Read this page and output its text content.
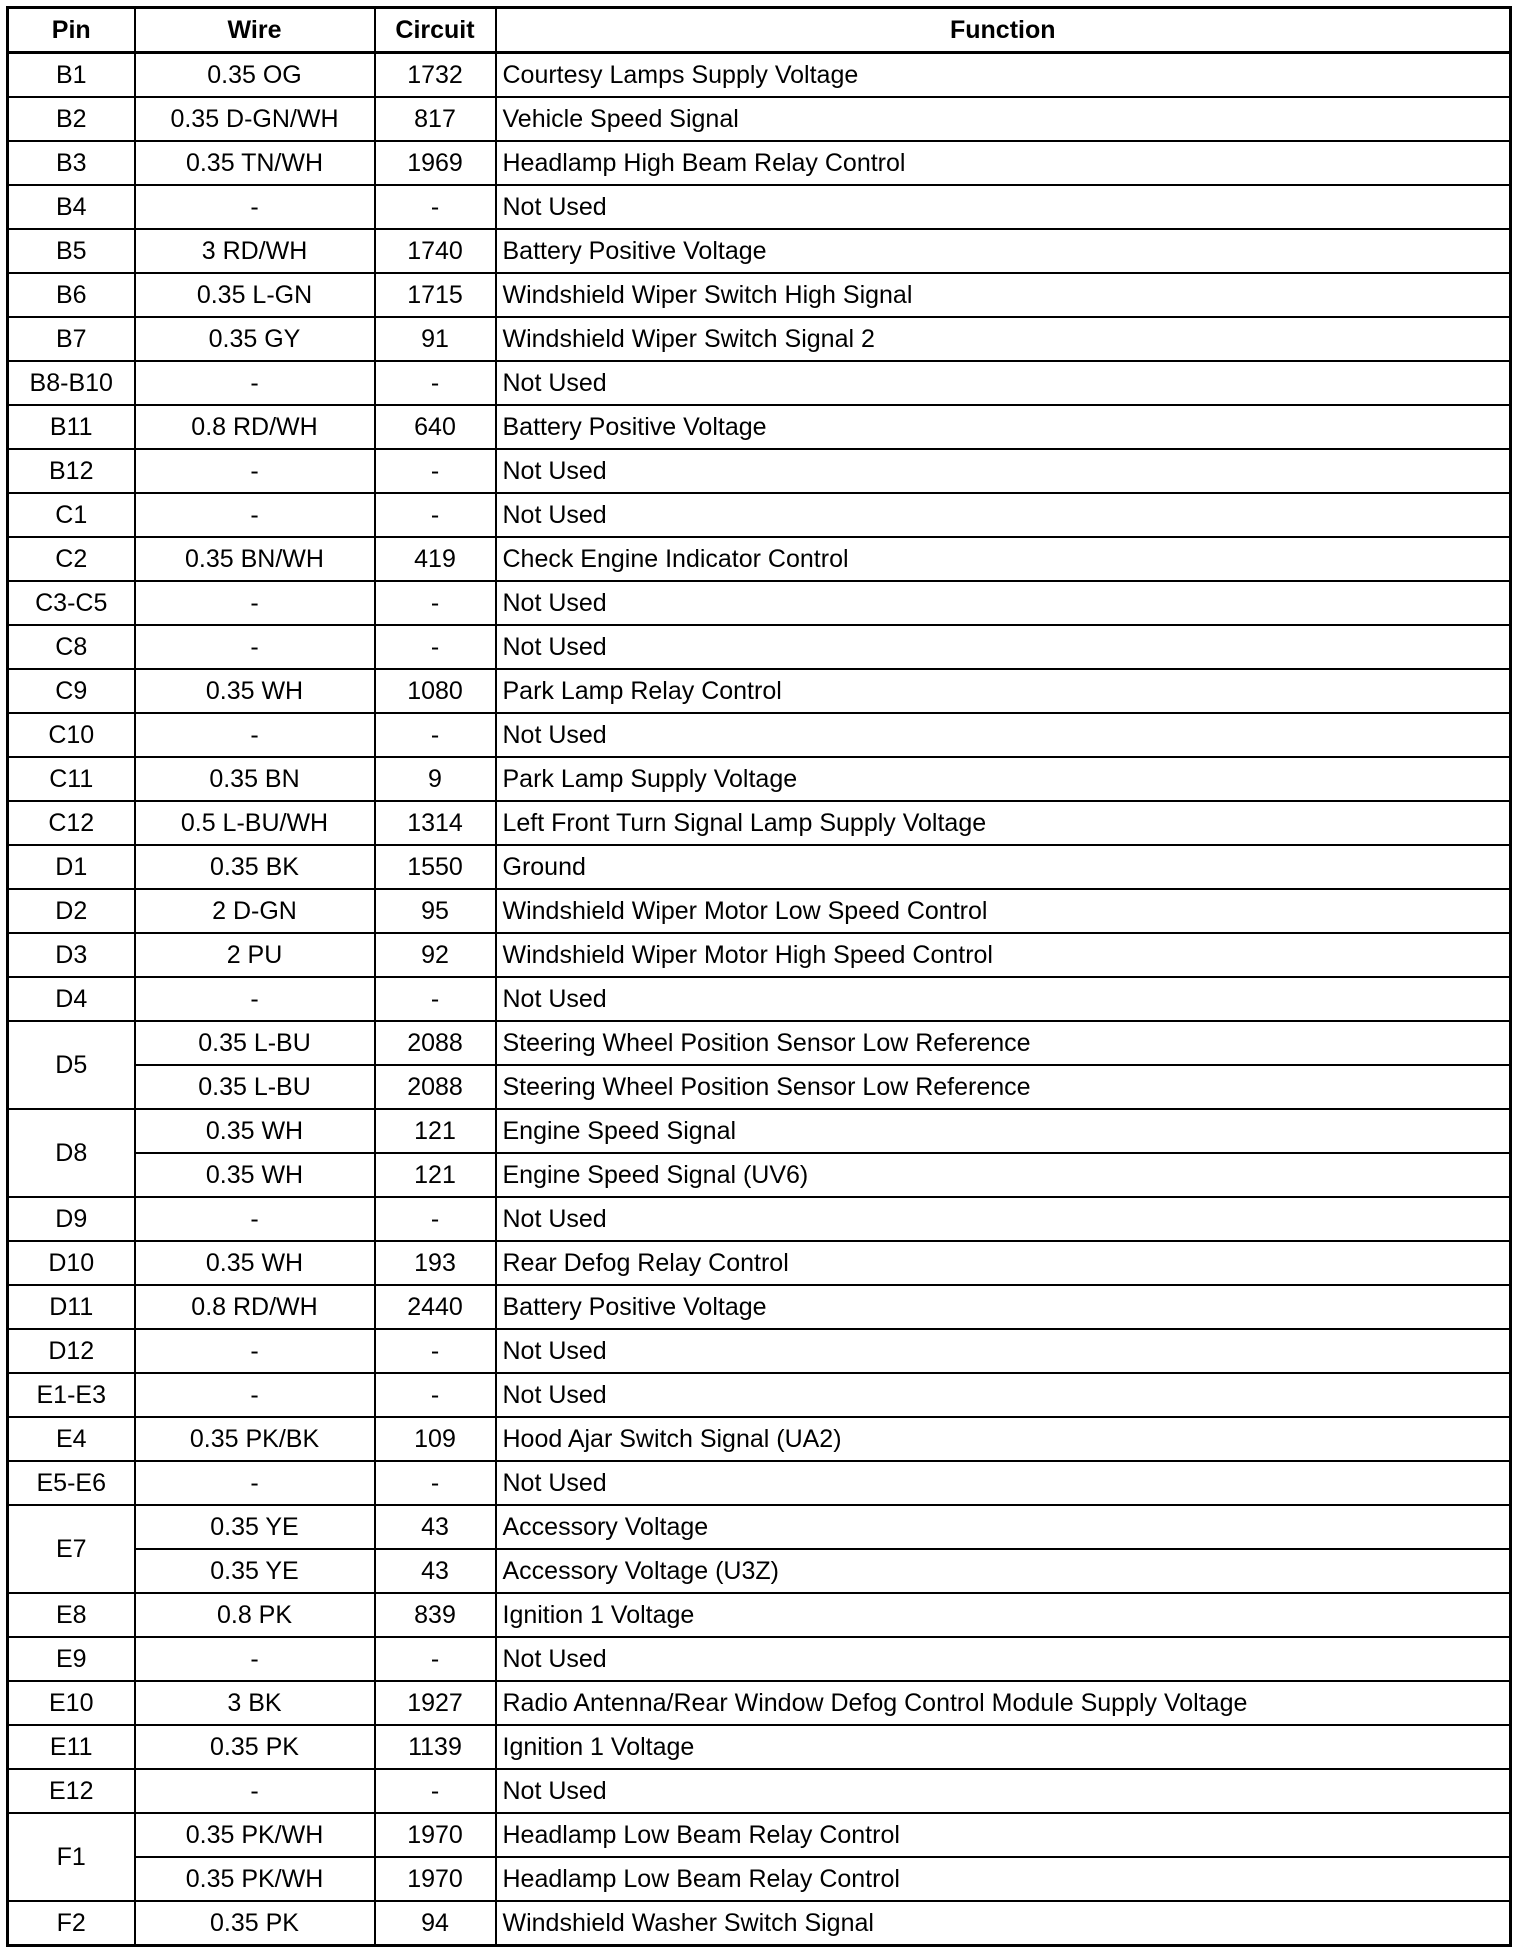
Pin	Wire	Circuit	Function
B1	0.35 OG	1732	Courtesy Lamps Supply Voltage
B2	0.35 D-GN/WH	817	Vehicle Speed Signal
B3	0.35 TN/WH	1969	Headlamp High Beam Relay Control
B4	-	-	Not Used
B5	3 RD/WH	1740	Battery Positive Voltage
B6	0.35 L-GN	1715	Windshield Wiper Switch High Signal
B7	0.35 GY	91	Windshield Wiper Switch Signal 2
B8-B10	-	-	Not Used
B11	0.8 RD/WH	640	Battery Positive Voltage
B12	-	-	Not Used
C1	-	-	Not Used
C2	0.35 BN/WH	419	Check Engine Indicator Control
C3-C5	-	-	Not Used
C8	-	-	Not Used
C9	0.35 WH	1080	Park Lamp Relay Control
C10	-	-	Not Used
C11	0.35 BN	9	Park Lamp Supply Voltage
C12	0.5 L-BU/WH	1314	Left Front Turn Signal Lamp Supply Voltage
D1	0.35 BK	1550	Ground
D2	2 D-GN	95	Windshield Wiper Motor Low Speed Control
D3	2 PU	92	Windshield Wiper Motor High Speed Control
D4	-	-	Not Used
D5	0.35 L-BU	2088	Steering Wheel Position Sensor Low Reference
	0.35 L-BU	2088	Steering Wheel Position Sensor Low Reference
D8	0.35 WH	121	Engine Speed Signal
	0.35 WH	121	Engine Speed Signal (UV6)
D9	-	-	Not Used
D10	0.35 WH	193	Rear Defog Relay Control
D11	0.8 RD/WH	2440	Battery Positive Voltage
D12	-	-	Not Used
E1-E3	-	-	Not Used
E4	0.35 PK/BK	109	Hood Ajar Switch Signal (UA2)
E5-E6	-	-	Not Used
E7	0.35 YE	43	Accessory Voltage
	0.35 YE	43	Accessory Voltage (U3Z)
E8	0.8 PK	839	Ignition 1 Voltage
E9	-	-	Not Used
E10	3 BK	1927	Radio Antenna/Rear Window Defog Control Module Supply Voltage
E11	0.35 PK	1139	Ignition 1 Voltage
E12	-	-	Not Used
F1	0.35 PK/WH	1970	Headlamp Low Beam Relay Control
	0.35 PK/WH	1970	Headlamp Low Beam Relay Control
F2	0.35 PK	94	Windshield Washer Switch Signal
